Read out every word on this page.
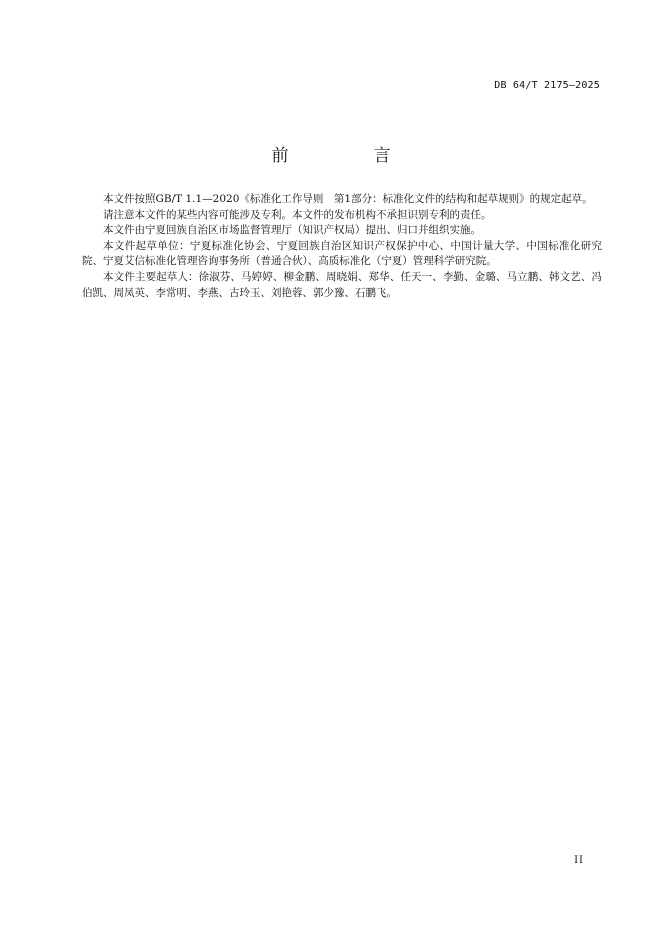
DB 64/T 2175—2025
前　言

本文件按照GB/T 1.1—2020《标准化工作导则　第1部分：标准化文件的结构和起草规则》的规定起草。

请注意本文件的某些内容可能涉及专利。本文件的发布机构不承担识别专利的责任。

本文件由宁夏回族自治区市场监督管理厅（知识产权局）提出、归口并组织实施。

本文件起草单位：宁夏标准化协会、宁夏回族自治区知识产权保护中心、中国计量大学、中国标准化研究院、宁夏艾信标准化管理咨询事务所（普通合伙）、高质标准化（宁夏）管理科学研究院。

本文件主要起草人：徐淑芬、马婷婷、柳金鹏、周晓娟、郑华、任天一、李勤、金璐、马立鹏、韩文艺、冯伯凯、周凤英、李常明、李燕、古玲玉、刘艳蓉、郭少豫、石鹏飞。

II
